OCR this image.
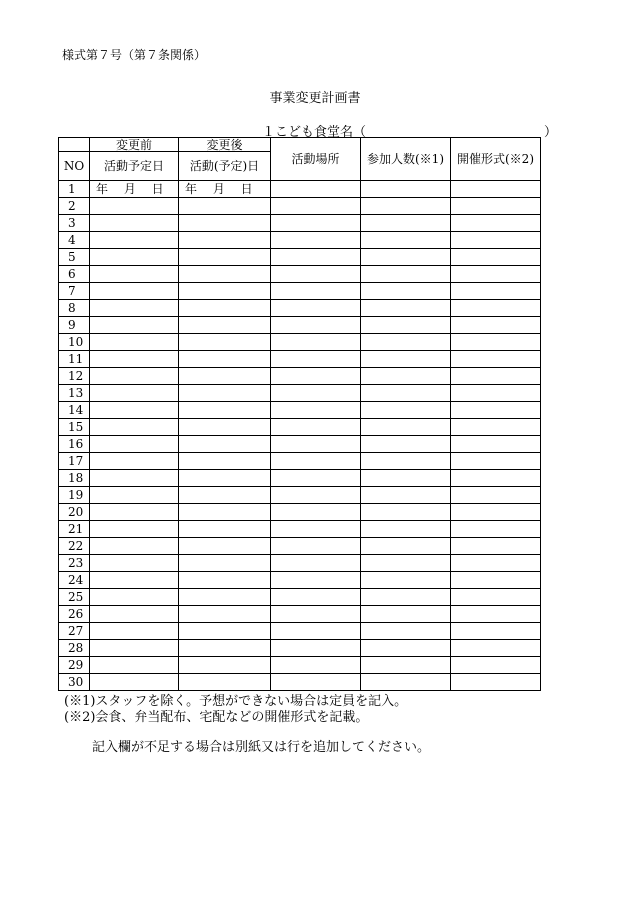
様式第７号（第７条関係）
事業変更計画書
１こども食堂名（	）
	変更前	変更後	活動場所	参加人数(※1)	開催形式(※2)
NO	活動予定日	活動(予定)日			
1	年　 月　 日	年　 月　 日			
2					
3					
4					
5					
6					
7					
8					
9					
10					
11					
12					
13					
14					
15					
16					
17					
18					
19					
20					
21					
22					
23					
24					
25					
26					
27					
28					
29					
30					
(※1)スタッフを除く。予想ができない場合は定員を記入。
(※2)会食、弁当配布、宅配などの開催形式を記載。
記入欄が不足する場合は別紙又は行を追加してください。
